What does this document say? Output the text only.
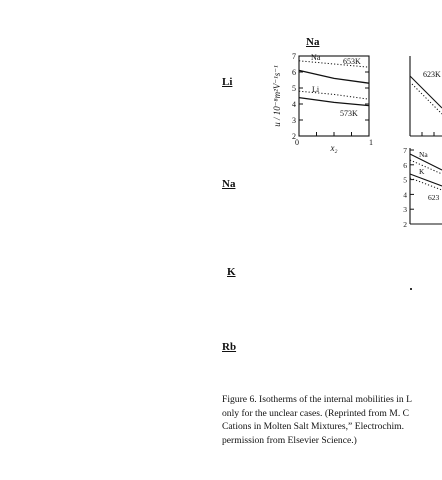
Na
Li
Na
K
Rb
u / 10⁻⁸m²V⁻¹s⁻¹
2
3
4
5
6
7
0	1
x₂
Na
Li
653K
573K
623K
2
3
4
5
6
7 Na
K
623
Figure 6. Isotherms of the internal mobilities in L
only for the unclear cases. (Reprinted from M. C
Cations in Molten Salt Mixtures,” Electrochim.
permission from Elsevier Science.)
